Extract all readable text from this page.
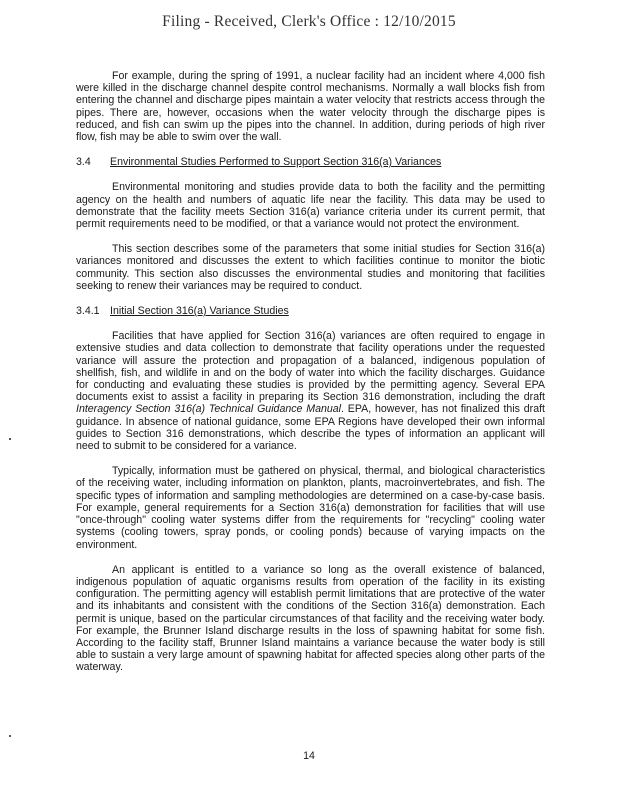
Filing - Received, Clerk's Office : 12/10/2015

For example, during the spring of 1991, a nuclear facility had an incident where 4,000 fish were killed in the discharge channel despite control mechanisms. Normally a wall blocks fish from entering the channel and discharge pipes maintain a water velocity that restricts access through the pipes. There are, however, occasions when the water velocity through the discharge pipes is reduced, and fish can swim up the pipes into the channel. In addition, during periods of high river flow, fish may be able to swim over the wall.

3.4	Environmental Studies Performed to Support Section 316(a) Variances

Environmental monitoring and studies provide data to both the facility and the permitting agency on the health and numbers of aquatic life near the facility. This data may be used to demonstrate that the facility meets Section 316(a) variance criteria under its current permit, that permit requirements need to be modified, or that a variance would not protect the environment.

This section describes some of the parameters that some initial studies for Section 316(a) variances monitored and discusses the extent to which facilities continue to monitor the biotic community. This section also discusses the environmental studies and monitoring that facilities seeking to renew their variances may be required to conduct.

3.4.1 Initial Section 316(a) Variance Studies

Facilities that have applied for Section 316(a) variances are often required to engage in extensive studies and data collection to demonstrate that facility operations under the requested variance will assure the protection and propagation of a balanced, indigenous population of shellfish, fish, and wildlife in and on the body of water into which the facility discharges. Guidance for conducting and evaluating these studies is provided by the permitting agency. Several EPA documents exist to assist a facility in preparing its Section 316 demonstration, including the draft Interagency Section 316(a) Technical Guidance Manual. EPA, however, has not finalized this draft guidance. In absence of national guidance, some EPA Regions have developed their own informal guides to Section 316 demonstrations, which describe the types of information an applicant will need to submit to be considered for a variance.

Typically, information must be gathered on physical, thermal, and biological characteristics of the receiving water, including information on plankton, plants, macroinvertebrates, and fish. The specific types of information and sampling methodologies are determined on a case-by-case basis. For example, general requirements for a Section 316(a) demonstration for facilities that will use "once-through" cooling water systems differ from the requirements for "recycling" cooling water systems (cooling towers, spray ponds, or cooling ponds) because of varying impacts on the environment.

An applicant is entitled to a variance so long as the overall existence of balanced, indigenous population of aquatic organisms results from operation of the facility in its existing configuration. The permitting agency will establish permit limitations that are protective of the water and its inhabitants and consistent with the conditions of the Section 316(a) demonstration. Each permit is unique, based on the particular circumstances of that facility and the receiving water body. For example, the Brunner Island discharge results in the loss of spawning habitat for some fish. According to the facility staff, Brunner Island maintains a variance because the water body is still able to sustain a very large amount of spawning habitat for affected species along other parts of the waterway.

14
